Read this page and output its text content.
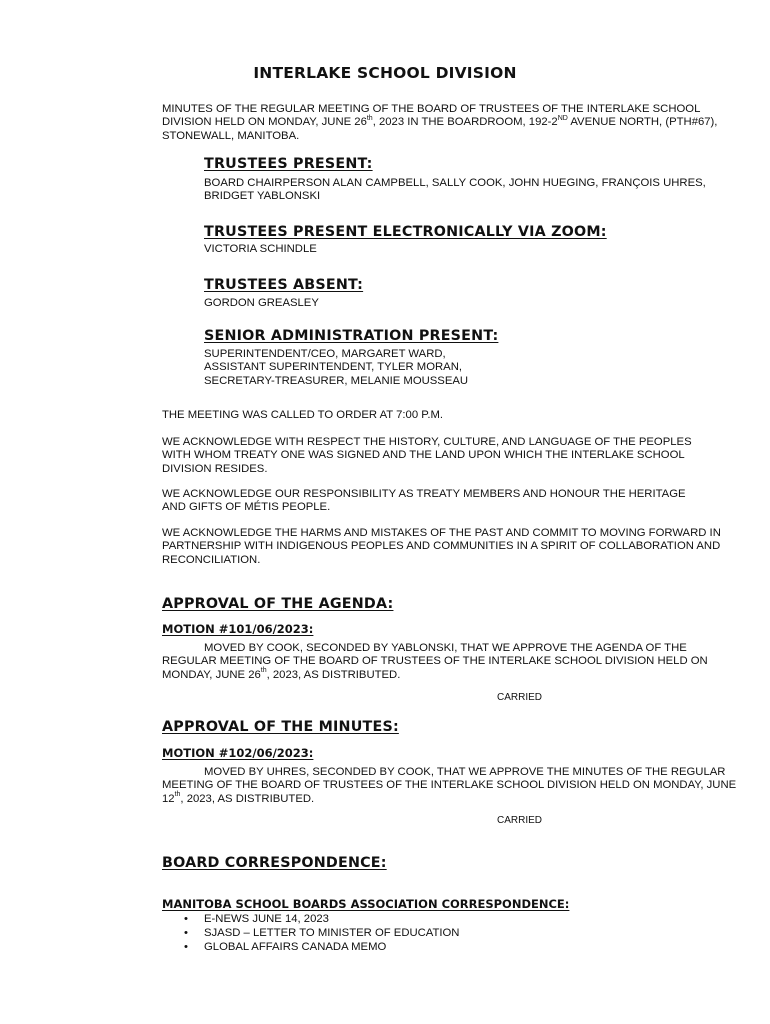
INTERLAKE SCHOOL DIVISION
MINUTES OF THE REGULAR MEETING OF THE BOARD OF TRUSTEES OF THE INTERLAKE SCHOOL DIVISION HELD ON MONDAY, JUNE 26th, 2023 IN THE BOARDROOM, 192-2ND AVENUE NORTH, (PTH#67), STONEWALL, MANITOBA.
TRUSTEES PRESENT:
BOARD CHAIRPERSON ALAN CAMPBELL, SALLY COOK, JOHN HUEGING, FRANÇOIS UHRES, BRIDGET YABLONSKI
TRUSTEES PRESENT ELECTRONICALLY VIA ZOOM:
VICTORIA SCHINDLE
TRUSTEES ABSENT:
GORDON GREASLEY
SENIOR ADMINISTRATION PRESENT:
SUPERINTENDENT/CEO, MARGARET WARD,
ASSISTANT SUPERINTENDENT, TYLER MORAN,
SECRETARY-TREASURER, MELANIE MOUSSEAU
THE MEETING WAS CALLED TO ORDER AT 7:00 P.M.
WE ACKNOWLEDGE WITH RESPECT THE HISTORY, CULTURE, AND LANGUAGE OF THE PEOPLES WITH WHOM TREATY ONE WAS SIGNED AND THE LAND UPON WHICH THE INTERLAKE SCHOOL DIVISION RESIDES.
WE ACKNOWLEDGE OUR RESPONSIBILITY AS TREATY MEMBERS AND HONOUR THE HERITAGE AND GIFTS OF MÉTIS PEOPLE.
WE ACKNOWLEDGE THE HARMS AND MISTAKES OF THE PAST AND COMMIT TO MOVING FORWARD IN PARTNERSHIP WITH INDIGENOUS PEOPLES AND COMMUNITIES IN A SPIRIT OF COLLABORATION AND RECONCILIATION.
APPROVAL OF THE AGENDA:
MOTION #101/06/2023:
MOVED BY COOK, SECONDED BY YABLONSKI, THAT WE APPROVE THE AGENDA OF THE REGULAR MEETING OF THE BOARD OF TRUSTEES OF THE INTERLAKE SCHOOL DIVISION HELD ON MONDAY, JUNE 26th, 2023, AS DISTRIBUTED.
CARRIED
APPROVAL OF THE MINUTES:
MOTION #102/06/2023:
MOVED BY UHRES, SECONDED BY COOK, THAT WE APPROVE THE MINUTES OF THE REGULAR MEETING OF THE BOARD OF TRUSTEES OF THE INTERLAKE SCHOOL DIVISION HELD ON MONDAY, JUNE 12th, 2023, AS DISTRIBUTED.
CARRIED
BOARD CORRESPONDENCE:
MANITOBA SCHOOL BOARDS ASSOCIATION CORRESPONDENCE:
• E-NEWS JUNE 14, 2023
• SJASD – LETTER TO MINISTER OF EDUCATION
• GLOBAL AFFAIRS CANADA MEMO
